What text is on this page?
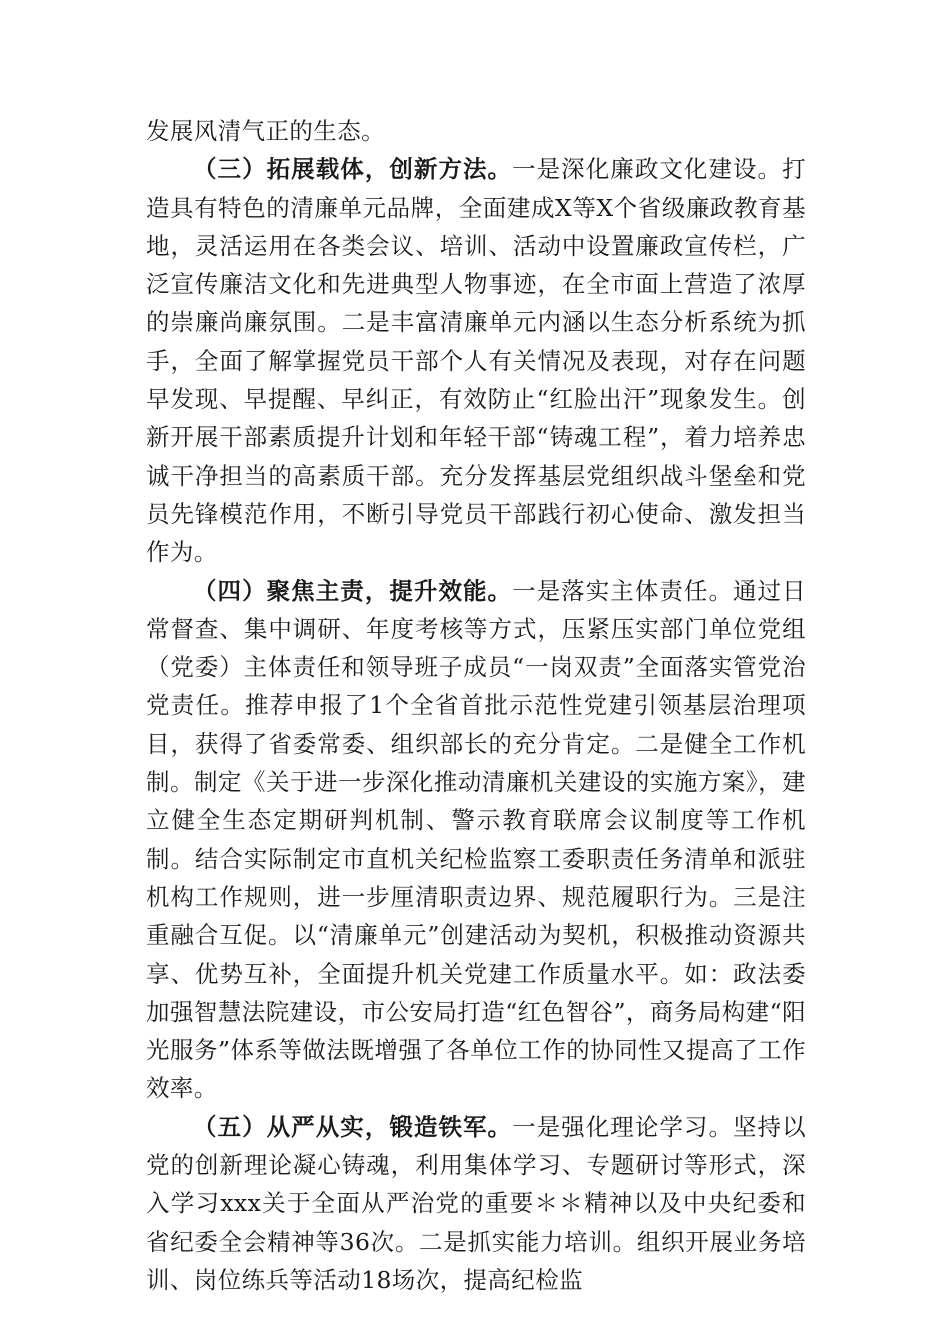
发展风清气正的生态。

（三）拓展载体，创新方法。一是深化廉政文化建设。打造具有特色的清廉单元品牌，全面建成X等X个省级廉政教育基地，灵活运用在各类会议、培训、活动中设置廉政宣传栏，广泛宣传廉洁文化和先进典型人物事迹，在全市面上营造了浓厚的崇廉尚廉氛围。二是丰富清廉单元内涵以生态分析系统为抓手，全面了解掌握党员干部个人有关情况及表现，对存在问题早发现、早提醒、早纠正，有效防止“红脸出汗”现象发生。创新开展干部素质提升计划和年轻干部“铸魂工程”，着力培养忠诚干净担当的高素质干部。充分发挥基层党组织战斗堡垒和党员先锋模范作用，不断引导党员干部践行初心使命、激发担当作为。

（四）聚焦主责，提升效能。一是落实主体责任。通过日常督查、集中调研、年度考核等方式，压紧压实部门单位党组（党委）主体责任和领导班子成员“一岗双责”全面落实管党治党责任。推荐申报了1个全省首批示范性党建引领基层治理项目，获得了省委常委、组织部长的充分肯定。二是健全工作机制。制定《关于进一步深化推动清廉机关建设的实施方案》，建立健全生态定期研判机制、警示教育联席会议制度等工作机制。结合实际制定市直机关纪检监察工委职责任务清单和派驻机构工作规则，进一步厘清职责边界、规范履职行为。三是注重融合互促。以“清廉单元”创建活动为契机，积极推动资源共享、优势互补，全面提升机关党建工作质量水平。如：政法委加强智慧法院建设，市公安局打造“红色智谷”，商务局构建“阳光服务”体系等做法既增强了各单位工作的协同性又提高了工作效率。

（五）从严从实，锻造铁军。一是强化理论学习。坚持以党的创新理论凝心铸魂，利用集体学习、专题研讨等形式，深入学习xxx关于全面从严治党的重要＊＊精神以及中央纪委和省纪委全会精神等36次。二是抓实能力培训。组织开展业务培训、岗位练兵等活动18场次，提高纪检监
